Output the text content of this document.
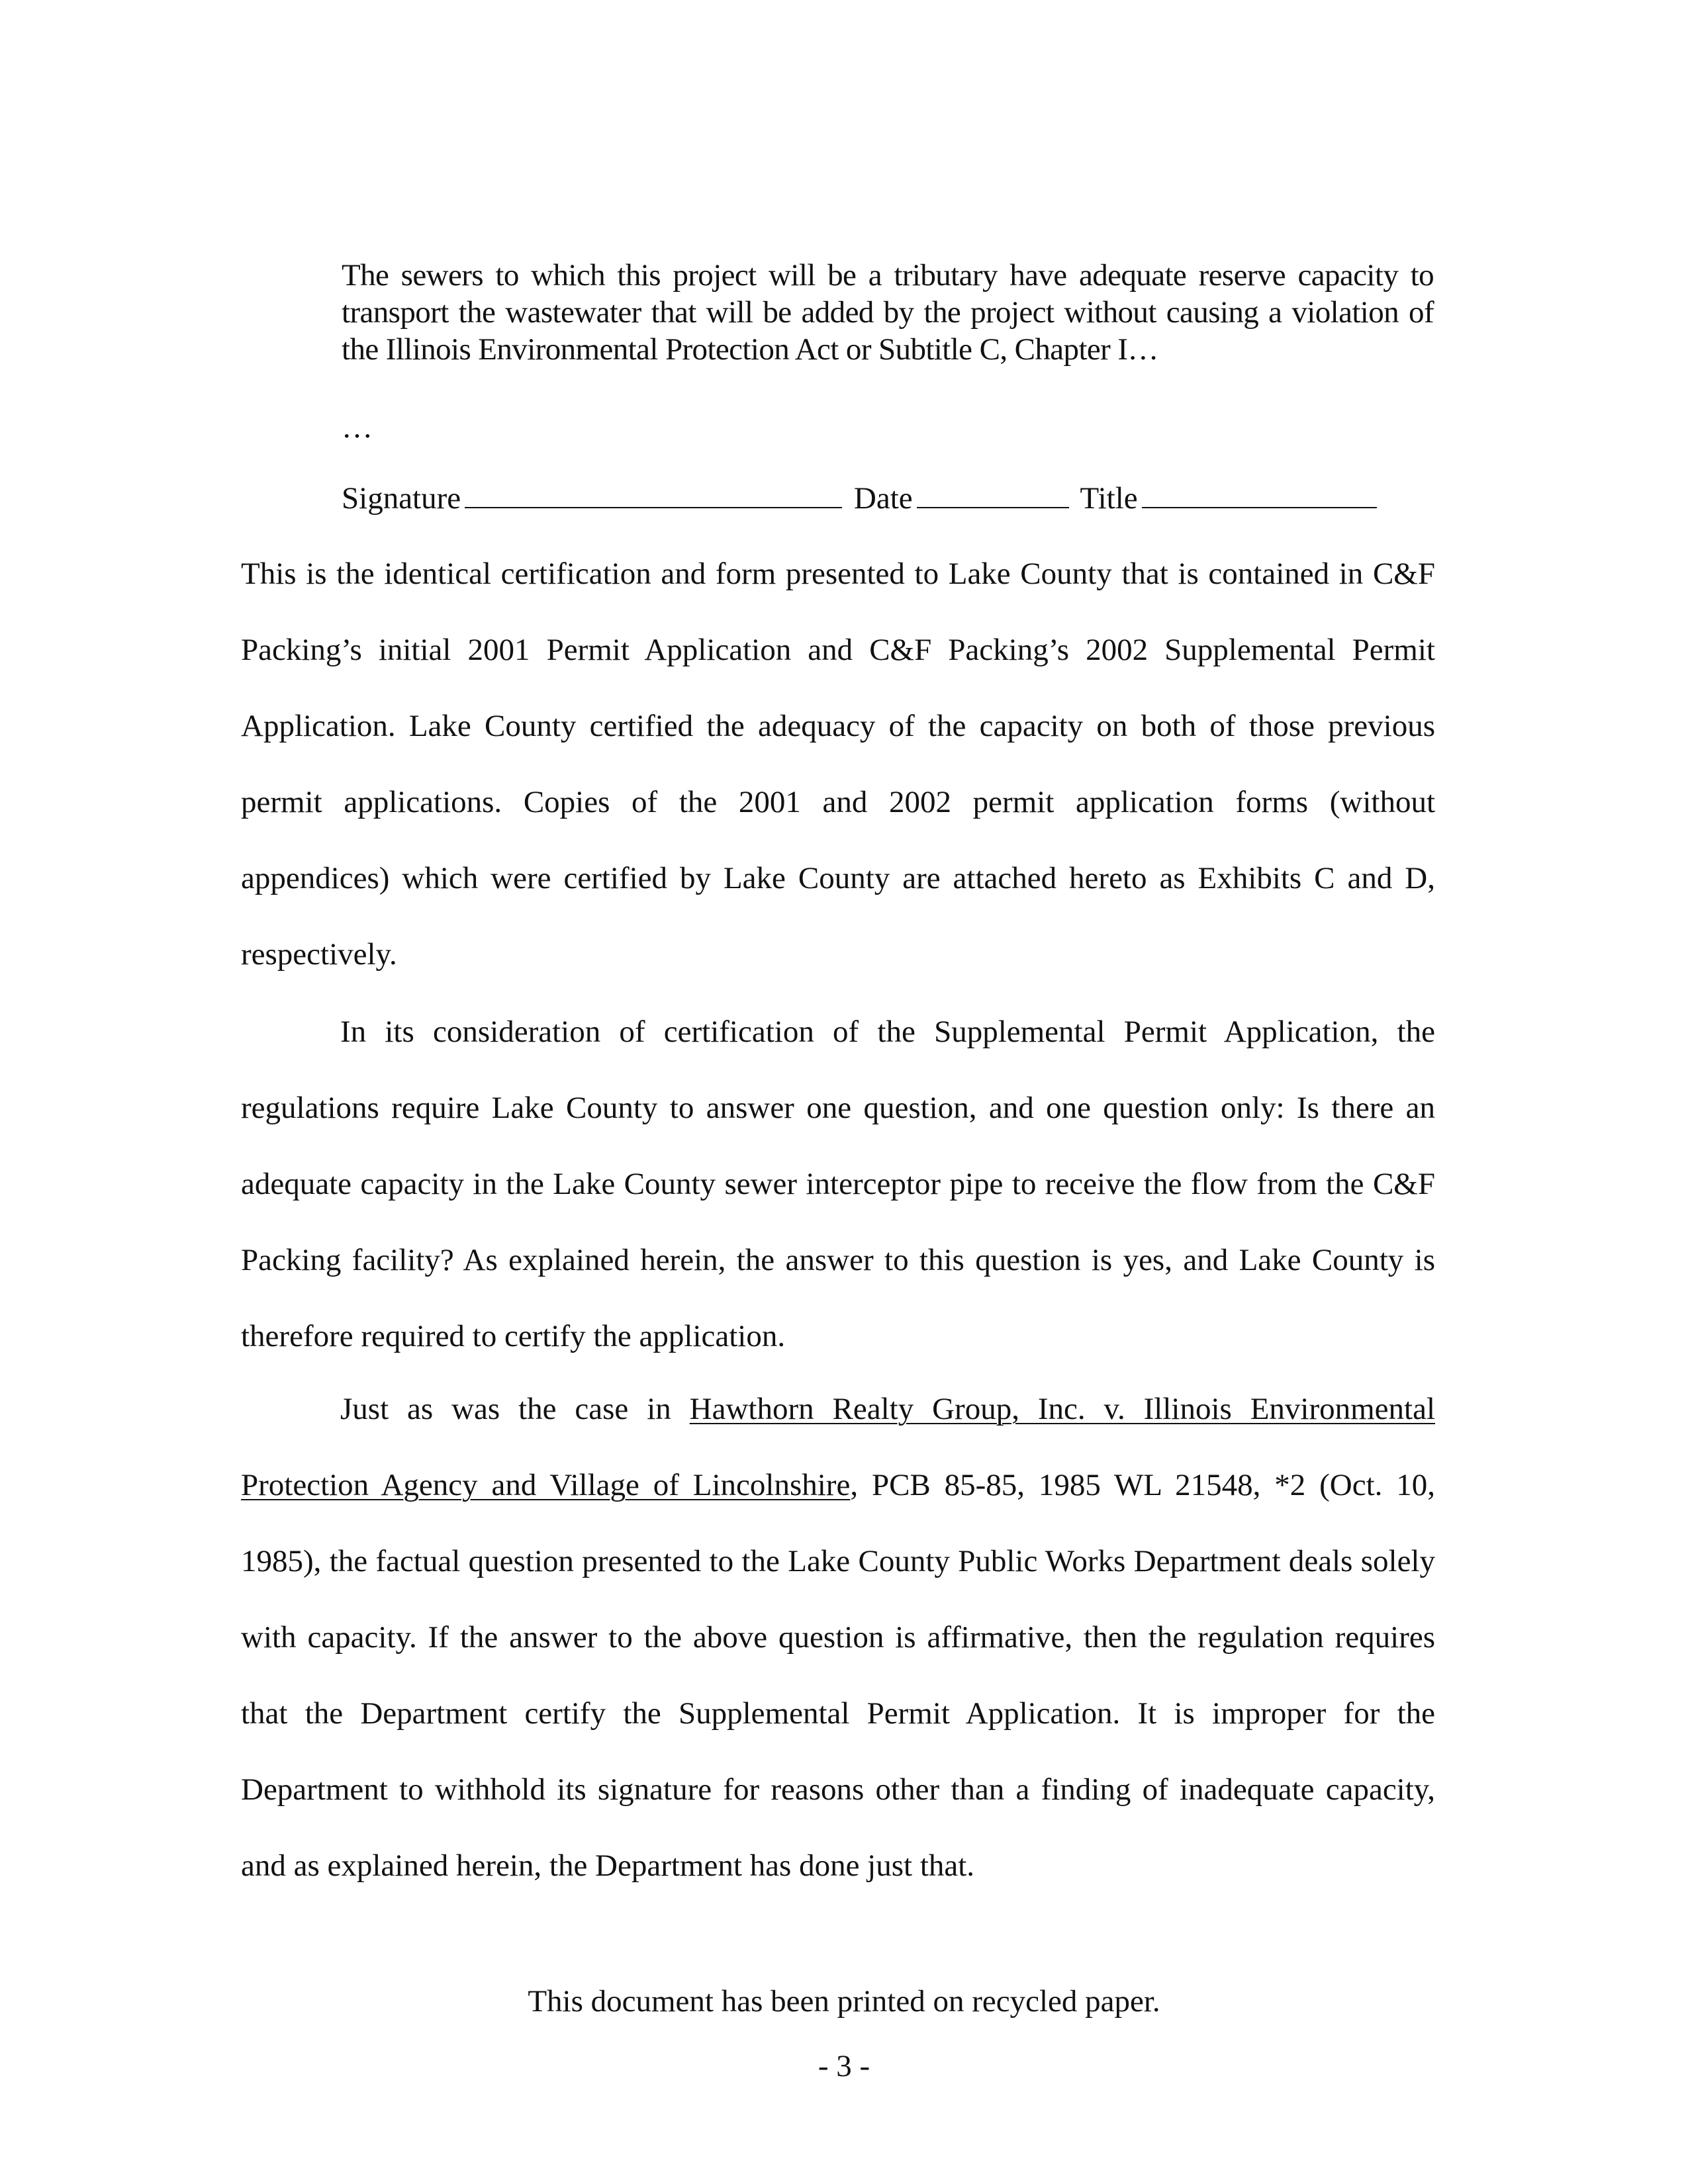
The sewers to which this project will be a tributary have adequate reserve capacity to transport the wastewater that will be added by the project without causing a violation of the Illinois Environmental Protection Act or Subtitle C, Chapter I…
…
Signature	Date	Title
This is the identical certification and form presented to Lake County that is contained in C&F Packing’s initial 2001 Permit Application and C&F Packing’s 2002 Supplemental Permit Application. Lake County certified the adequacy of the capacity on both of those previous permit applications. Copies of the 2001 and 2002 permit application forms (without appendices) which were certified by Lake County are attached hereto as Exhibits C and D, respectively.
In its consideration of certification of the Supplemental Permit Application, the regulations require Lake County to answer one question, and one question only: Is there an adequate capacity in the Lake County sewer interceptor pipe to receive the flow from the C&F Packing facility? As explained herein, the answer to this question is yes, and Lake County is therefore required to certify the application.
Just as was the case in Hawthorn Realty Group, Inc. v. Illinois Environmental Protection Agency and Village of Lincolnshire, PCB 85-85, 1985 WL 21548, *2 (Oct. 10, 1985), the factual question presented to the Lake County Public Works Department deals solely with capacity. If the answer to the above question is affirmative, then the regulation requires that the Department certify the Supplemental Permit Application. It is improper for the Department to withhold its signature for reasons other than a finding of inadequate capacity, and as explained herein, the Department has done just that.
This document has been printed on recycled paper.
- 3 -
